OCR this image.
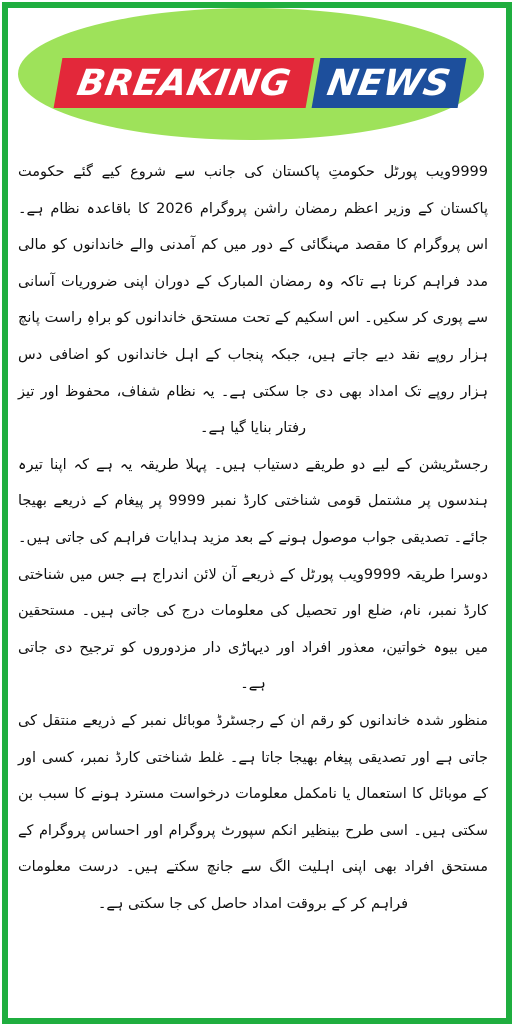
BREAKING NEWS

9999ویب پورٹل حکومتِ پاکستان کی جانب سے شروع کیے گئے حکومت پاکستان کے وزیر اعظم رمضان راشن پروگرام 2026 کا باقاعدہ نظام ہے۔ اس پروگرام کا مقصد مہنگائی کے دور میں کم آمدنی والے خاندانوں کو مالی مدد فراہم کرنا ہے تاکہ وہ رمضان المبارک کے دوران اپنی ضروریات آسانی سے پوری کر سکیں۔ اس اسکیم کے تحت مستحق خاندانوں کو براہِ راست پانچ ہزار روپے نقد دیے جاتے ہیں، جبکہ پنجاب کے اہل خاندانوں کو اضافی دس ہزار روپے تک امداد بھی دی جا سکتی ہے۔ یہ نظام شفاف، محفوظ اور تیز رفتار بنایا گیا ہے۔

رجسٹریشن کے لیے دو طریقے دستیاب ہیں۔ پہلا طریقہ یہ ہے کہ اپنا تیرہ ہندسوں پر مشتمل قومی شناختی کارڈ نمبر 9999 پر پیغام کے ذریعے بھیجا جائے۔ تصدیقی جواب موصول ہونے کے بعد مزید ہدایات فراہم کی جاتی ہیں۔ دوسرا طریقہ 9999ویب پورٹل کے ذریعے آن لائن اندراج ہے جس میں شناختی کارڈ نمبر، نام، ضلع اور تحصیل کی معلومات درج کی جاتی ہیں۔ مستحقین میں بیوہ خواتین، معذور افراد اور دیہاڑی دار مزدوروں کو ترجیح دی جاتی ہے۔

منظور شدہ خاندانوں کو رقم ان کے رجسٹرڈ موبائل نمبر کے ذریعے منتقل کی جاتی ہے اور تصدیقی پیغام بھیجا جاتا ہے۔ غلط شناختی کارڈ نمبر، کسی اور کے موبائل کا استعمال یا نامکمل معلومات درخواست مسترد ہونے کا سبب بن سکتی ہیں۔ اسی طرح بینظیر انکم سپورٹ پروگرام اور احساس پروگرام کے مستحق افراد بھی اپنی اہلیت الگ سے جانچ سکتے ہیں۔ درست معلومات فراہم کر کے بروقت امداد حاصل کی جا سکتی ہے۔
